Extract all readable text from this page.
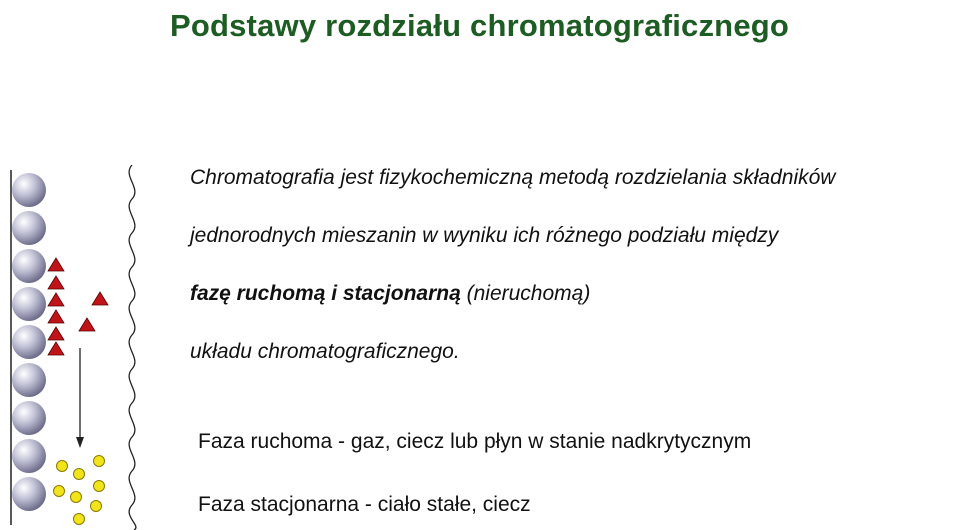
Podstawy rozdziału chromatograficznego
Chromatografia jest fizykochemiczną metodą rozdzielania składników
jednorodnych mieszanin w wyniku ich różnego podziału między
fazę ruchomą i stacjonarną (nieruchomą)
układu chromatograficznego.
Faza ruchoma - gaz, ciecz lub płyn w stanie nadkrytycznym
Faza stacjonarna - ciało stałe, ciecz
